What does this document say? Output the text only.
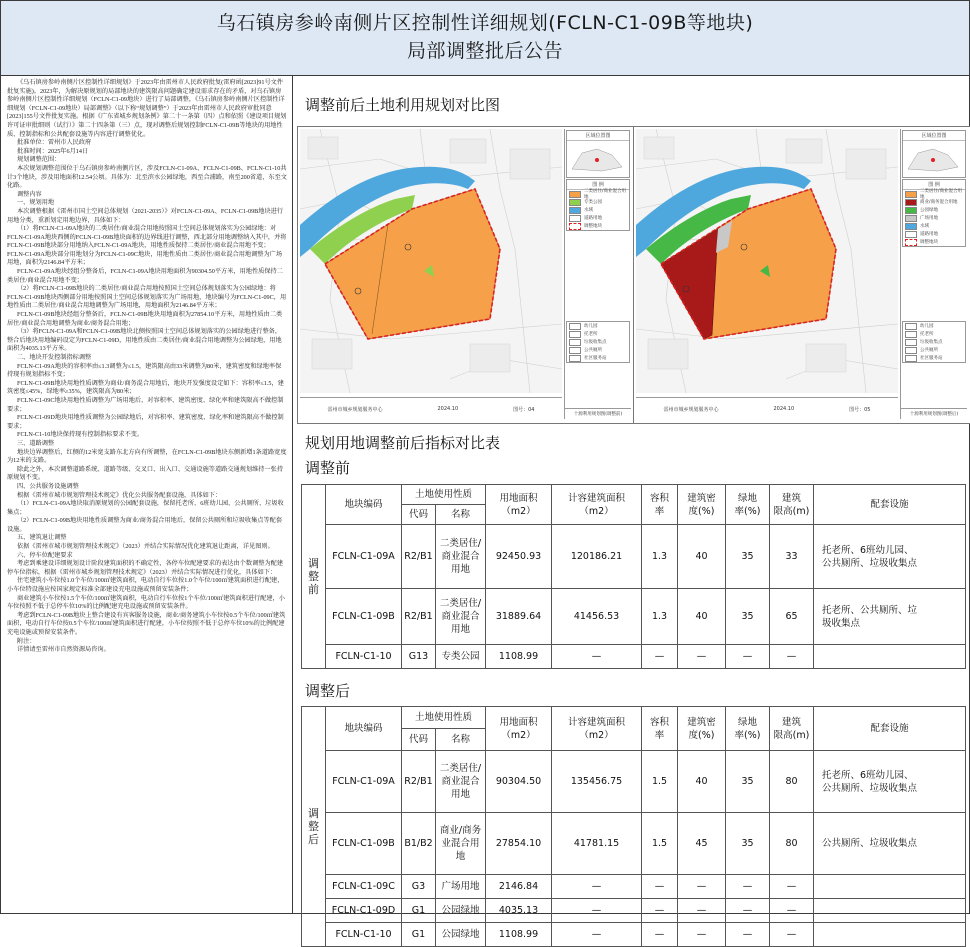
乌石镇房参岭南侧片区控制性详细规划(FCLN-C1-09B等地块)
局部调整批后公告

《乌石镇房参岭南侧片区控制性详细规划》于2023年由雷州市人民政府批复(雷府函[2023]91号文件批复实施)。2023年，为解决原规划的局部地块的建筑限高问题确定建设需求存在的矛盾，对乌石镇房参岭南侧片区控制性详细规划（FCLN-C1-09地块）进行了局部调整，《乌石镇房参岭南侧片区控制性详细规划（FCLN-C1-09地块）局部调整》（以下称“规划调整”）于2023年由雷州市人民政府审批同意[2023]155号文件批复实施。根据《广东省城乡规划条例》第二十一条第（四）点和依照《建设项目规划许可证审批细则（试行）》第二十四条第（三）点，现对调整后规划控制FCLN-C1-09B等地块的用地性质、控制指标和公共配套设施等内容进行调整优化。

批准单位：雷州市人民政府

批准时间：2025年6月14日

规划调整范围：

本次规划调整范围位于乌石镇房参岭南侧片区，涉及FCLN-C1-09A、FCLN-C1-09B、FCLN-C1-10共计3个地块，涉及用地面积12.54公顷。具体为：北至滨水公园绿地，西至合浦路，南至200省道，东至文化路。

调整内容

一、规划用地

本次调整根据《雷州市国土空间总体规划（2021-2035）》对FCLN-C1-09A、FCLN-C1-09B地块进行用地分类，重新划定用地边界，具体如下：

（1）将FCLN-C1-09A地块的二类居住/商业混合用地按照国土空间总体规划落实为公园绿地：对FCLN-C1-09A地块西侧的FCLN-C1-09B地块面积的边界线进行调整，西北部分用地调整纳入其中，并将FCLN-C1-09B地块部分用地纳入FCLN-C1-09A地块，用地性质保持二类居住/商业混合用地不变；FCLN-C1-09A地块部分用地划分为FCLN-C1-09C地块，用地性质由二类居住/商业混合用地调整为广场用地，面积为2146.84平方米；

FCLN-C1-09A地块经组分整备后，FCLN-C1-09A地块用地面积为90304.50平方米，用地性质保持二类居住/商业混合用地不变；

（2）将FCLN-C1-09B地块的二类居住/商业混合用地按照国土空间总体规划落实为公园绿地：将FCLN-C1-09B地块西侧部分用地按照国土空间总体规划落实为广场用地，地块编号为FCLN-C1-09C，用地性质由二类居住/商业混合用地调整为广场用地，用地面积为2146.84平方米；

FCLN-C1-09B地块经组分整备后，FCLN-C1-09B地块用地面积为27854.10平方米，用地性质由二类居住/商业混合用地调整为商业/商务混合用地；

（3）将FCLN-C1-09A和FCLN-C1-09B地块北侧按照国土空间总体规划落实的公园绿地进行整备，整合后地块用地编码设定为FCLN-C1-09D，用地性质由二类居住/商业混合用地调整为公园绿地，用地面积为4035.13平方米。

二、地块开发控制指标调整

FCLN-C1-09A地块的容积率由≤1.3调整为≤1.5，建筑限高由33米调整为80米，建筑密度和绿地率保持现有规划指标不变；

FCLN-C1-09B地块用地性质调整为商业/商务混合用地后，地块开发强度设定如下：容积率≤1.5，建筑密度≤45%，绿地率≥35%，建筑限高为80米；

FCLN-C1-09C地块用地性质调整为广场用地后，对容积率、建筑密度、绿化率和建筑限高不做控制要求；

FCLN-C1-09D地块用地性质调整为公园绿地后，对容积率、建筑密度、绿化率和建筑限高不做控制要求；

FCLN-C1-10地块保持现有控制指标要求不变。

三、道路调整

地块边界调整后，红侧的12米宽支路东北方向有所调整，在FCLN-C1-09B地块东侧新增1条道路宽度为12米的支路。

除此之外，本次调整道路系统、道路等级、交叉口、出入口、交通设施等道路交通规划维持一张持原规划不变。

四、公共服务设施调整

根据《雷州市城市规划管理技术规定》优化公共服务配套设施，具体如下：

（1）FCLN-C1-09A地块取消原规划的公园配套设施，保留托老所、6班幼儿园、公共厕所、垃圾收集点；

（2）FCLN-C1-09B地块用地性质调整为商业/商务混合用地后，保留公共厕所和垃圾收集点等配套设施。

五、建筑退让调整

依据《雷州市城市规划管理技术规定》（2023）并结合实际情况优化建筑退让距离，详见图则。

六、停车位配建要求

考虑到乘建设详细规划设计阶段建筑面积的不确定性，各停车位配建要求的表达由个数调整为配建停车位指标，根据《雷州市城乡规划管理技术规定》（2023）并结合实际情况进行优化，具体如下：

住宅建筑小车位按1.0个车位/100㎡建筑面积，电动自行车位按1.0个车位/100㎡建筑面积进行配建，小车位特设施应按国家规定标准全部建设充电设施或预留安装条件；

商业建筑小车位按1.5个车位/100㎡建筑面积，电动自行车位按1个车位/100㎡建筑面积进行配建，小车位按照不低于总停车位10%的比例配建充电设施或预留安装条件。

考虑到FCLN-C1-09B地块上整合建设有宾客服务设施，商业/商务建筑小车位按0.5个车位/100㎡建筑面积，电动自行车位按0.5个车位/100㎡建筑面积进行配建，小车位按照不低于总停车位10%的比例配建充电设施或预留安装条件。

附注：

详情请至雷州市自然资源局咨询。

调整前后土地利用规划对比图
区域位置图
图 例
二类居住/商业混合用地
专类公园
水域
道路用地
调整地块
幼儿园
托老所
垃圾收集点
公共厕所
社区服务站
十源利用规划图(调整前)
雷州市城乡规划服务中心	2024.10	图号：04
区域位置图
图 例
二类居住/商业混合用地
商业/商务混合用地
公园绿地
广场用地
水域
道路用地
调整地块
幼儿园
托老所
垃圾收集点
公共厕所
社区服务站
十源利用规划图(调整后)
雷州市城乡规划服务中心	2024.10	图号：05
规划用地调整前后指标对比表
调整前
调
整
前	地块编码	土地使用性质		用地面积
（m2）	计容建筑面积
（m2）	容积
率	建筑密
度(%)	绿地
率(%)	建筑
限高(m)	配套设施
		代码	名称							
	FCLN-C1-09A	R2/B1	二类居住/
商业混合
用地	92450.93	120186.21	1.3	40	35	33	托老所、6班幼儿园、
公共厕所、垃圾收集点
	FCLN-C1-09B	R2/B1	二类居住/
商业混合
用地	31889.64	41456.53	1.3	40	35	65	托老所、公共厕所、垃
圾收集点
	FCLN-C1-10	G13	专类公园	1108.99	—	—	—	—	—	
调整后
调
整
后	地块编码	土地使用性质		用地面积
（m2）	计容建筑面积
（m2）	容积
率	建筑密
度(%)	绿地
率(%)	建筑
限高(m)	配套设施
		代码	名称							
	FCLN-C1-09A	R2/B1	二类居住/
商业混合
用地	90304.50	135456.75	1.5	40	35	80	托老所、6班幼儿园、
公共厕所、垃圾收集点
	FCLN-C1-09B	B1/B2	商业/商务
业混合用
地	27854.10	41781.15	1.5	45	35	80	公共厕所、垃圾收集点
	FCLN-C1-09C	G3	广场用地	2146.84	—	—	—	—	—	
	FCLN-C1-09D	G1	公园绿地	4035.13	—	—	—	—	—	
	FCLN-C1-10	G1	公园绿地	1108.99	—	—	—	—	—	
